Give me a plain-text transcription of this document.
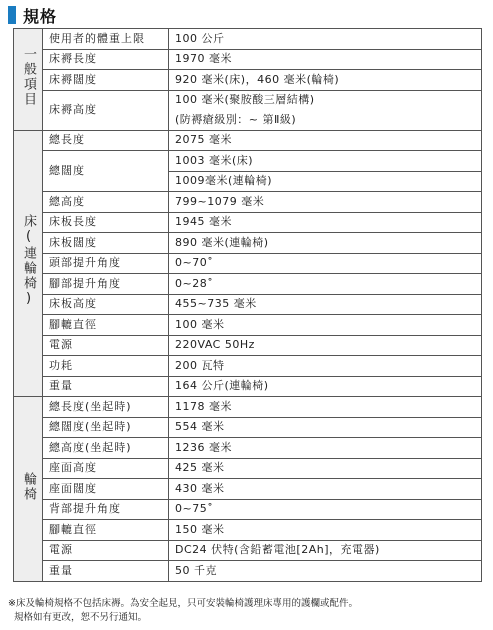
規格
一般項目	使用者的體重上限	100 公斤
	床褥長度	1970 毫米
	床褥闊度	920 毫米(床)，460 毫米(輪椅)
	床褥高度	100 毫米(聚胺酸三層結構)
		(防褥瘡級別：~ 第Ⅱ級)
床(連輪椅)	總長度	2075 毫米
	總闊度	1003 毫米(床)
		1009毫米(連輪椅)
	總高度	799~1079 毫米
	床板長度	1945 毫米
	床板闊度	890 毫米(連輪椅)
	頭部提升角度	0~70˚
	腳部提升角度	0~28˚
	床板高度	455~735 毫米
	腳轆直徑	100 毫米
	電源	220VAC 50Hz
	功耗	200 瓦特
	重量	164 公斤(連輪椅)
輪椅	總長度(坐起時)	1178 毫米
	總闊度(坐起時)	554 毫米
	總高度(坐起時)	1236 毫米
	座面高度	425 毫米
	座面闊度	430 毫米
	背部提升角度	0~75˚
	腳轆直徑	150 毫米
	電源	DC24 伏特(含鉛蓄電池[2Ah]，充電器)
	重量	50 千克
※床及輪椅規格不包括床褥。為安全起見，只可安裝輪椅護理床專用的護欄或配件。
規格如有更改，恕不另行通知。
